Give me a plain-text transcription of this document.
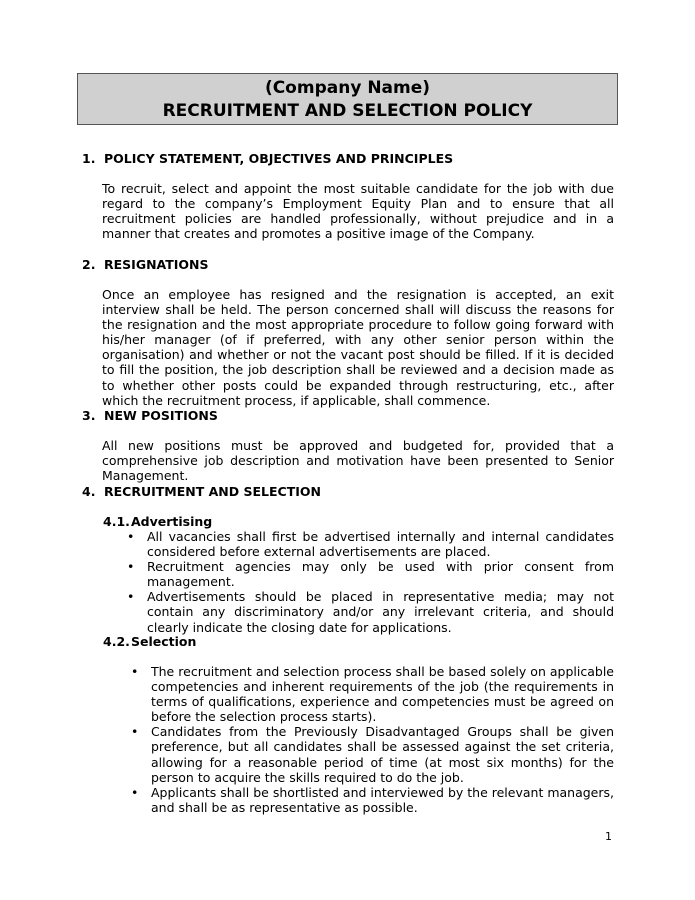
(Company Name)
RECRUITMENT AND SELECTION POLICY
1. POLICY STATEMENT, OBJECTIVES AND PRINCIPLES
To recruit, select and appoint the most suitable candidate for the job with due regard to the company’s Employment Equity Plan and to ensure that all recruitment policies are handled professionally, without prejudice and in a manner that creates and promotes a positive image of the Company.
2. RESIGNATIONS
Once an employee has resigned and the resignation is accepted, an exit interview shall be held. The person concerned shall will discuss the reasons for the resignation and the most appropriate procedure to follow going forward with his/her manager (of if preferred, with any other senior person within the organisation) and whether or not the vacant post should be filled. If it is decided to fill the position, the job description shall be reviewed and a decision made as to whether other posts could be expanded through restructuring, etc., after which the recruitment process, if applicable, shall commence.
3. NEW POSITIONS
All new positions must be approved and budgeted for, provided that a comprehensive job description and motivation have been presented to Senior Management.
4. RECRUITMENT AND SELECTION
4.1.Advertising
• All vacancies shall first be advertised internally and internal candidates considered before external advertisements are placed.
• Recruitment agencies may only be used with prior consent from management.
• Advertisements should be placed in representative media; may not contain any discriminatory and/or any irrelevant criteria, and should clearly indicate the closing date for applications.
4.2.Selection
• The recruitment and selection process shall be based solely on applicable competencies and inherent requirements of the job (the requirements in terms of qualifications, experience and competencies must be agreed on before the selection process starts).
• Candidates from the Previously Disadvantaged Groups shall be given preference, but all candidates shall be assessed against the set criteria, allowing for a reasonable period of time (at most six months) for the person to acquire the skills required to do the job.
• Applicants shall be shortlisted and interviewed by the relevant managers, and shall be as representative as possible.
1
